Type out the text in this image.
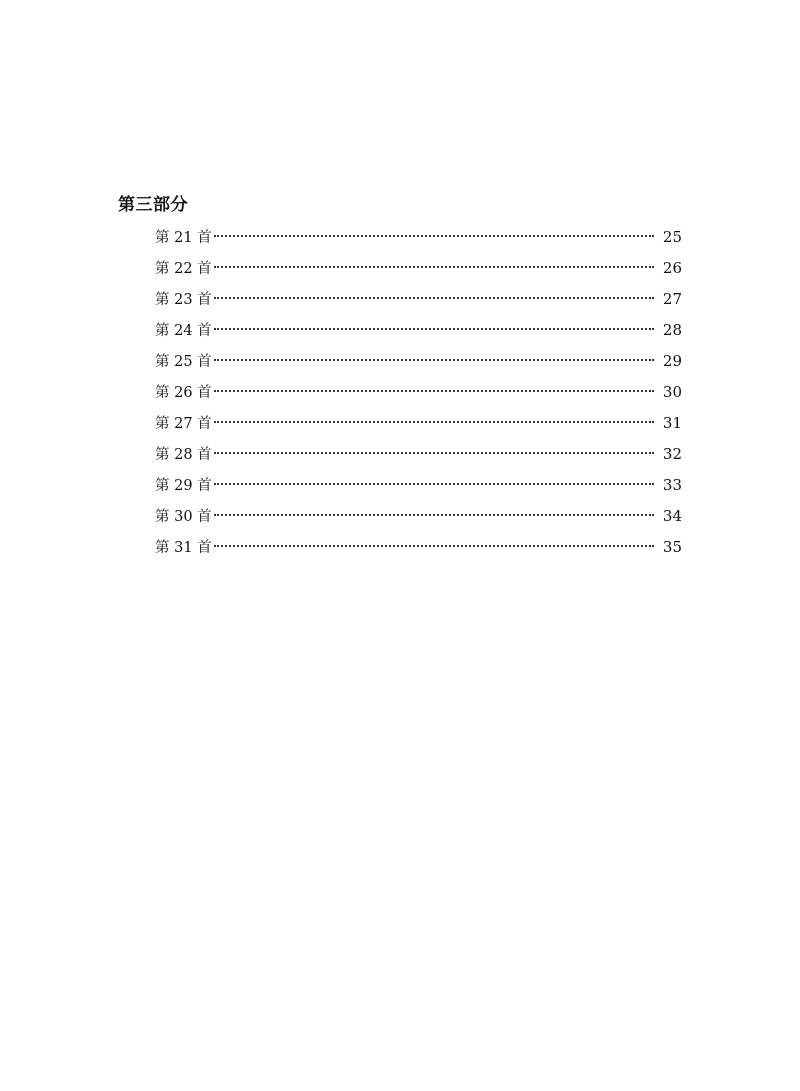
第三部分
第 21 首	25
第 22 首	26
第 23 首	27
第 24 首	28
第 25 首	29
第 26 首	30
第 27 首	31
第 28 首	32
第 29 首	33
第 30 首	34
第 31 首	35
